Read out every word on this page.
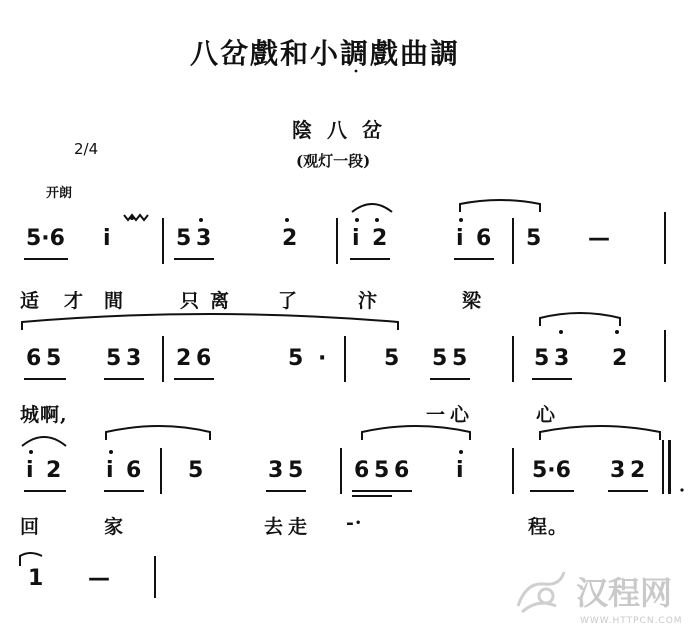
八岔戲和小調戲曲調
陰 八 岔
(观灯一段)
2/4
开朗
5·6 i	5 3	2 i 2	i 6 5 —
适 才 間	只 离	了	汴	梁
6 5 5 3 2 6	5 ·	5 5 5	5 3 2
城 啊,	一 心	心
i 2 i 6 5	3 5 6 5 6 i	5·6 3 2
回	家	去 走 -·	程。
1 —	汉程网
WWW.HTTPCN.COM
